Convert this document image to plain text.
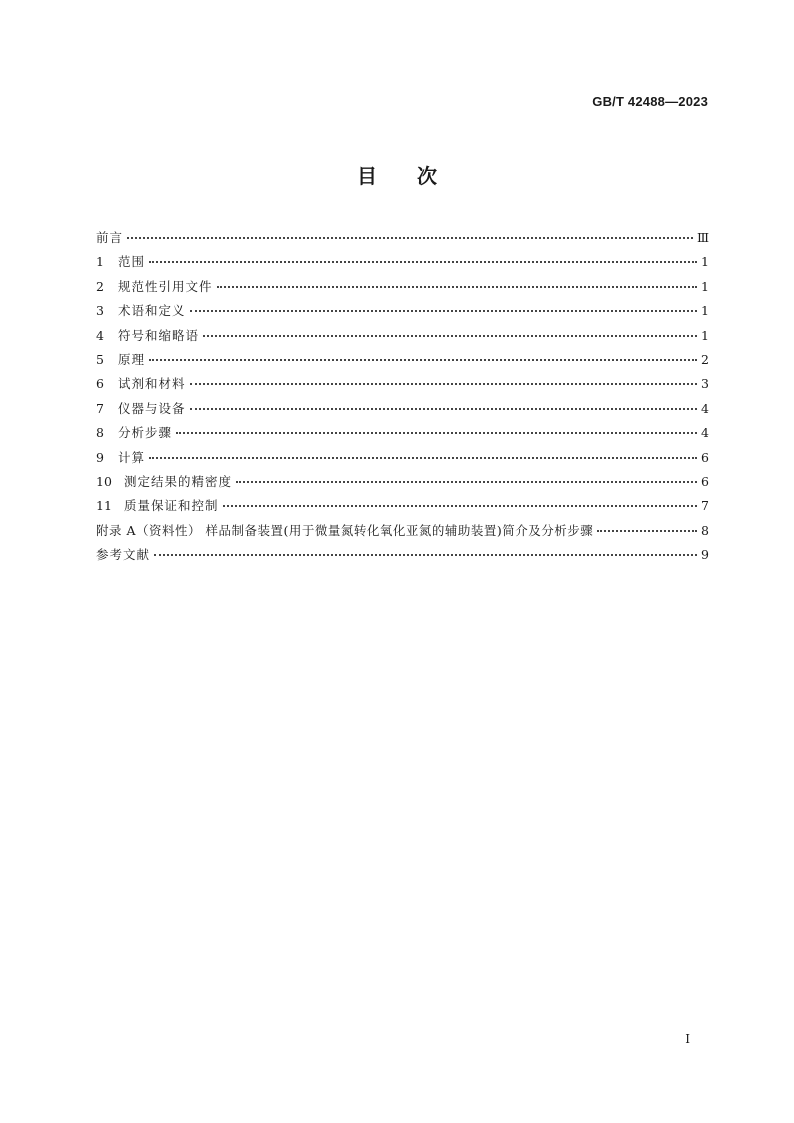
GB/T 42488—2023
目 次
前言	Ⅲ
1	范围	1
2	规范性引用文件	1
3	术语和定义	1
4	符号和缩略语	1
5	原理	2
6	试剂和材料	3
7	仪器与设备	4
8	分析步骤	4
9	计算	6
10 测定结果的精密度	6
11 质量保证和控制	7
附录 A（资料性） 样品制备装置(用于微量氮转化氧化亚氮的辅助装置)简介及分析步骤	8
参考文献	9
I
